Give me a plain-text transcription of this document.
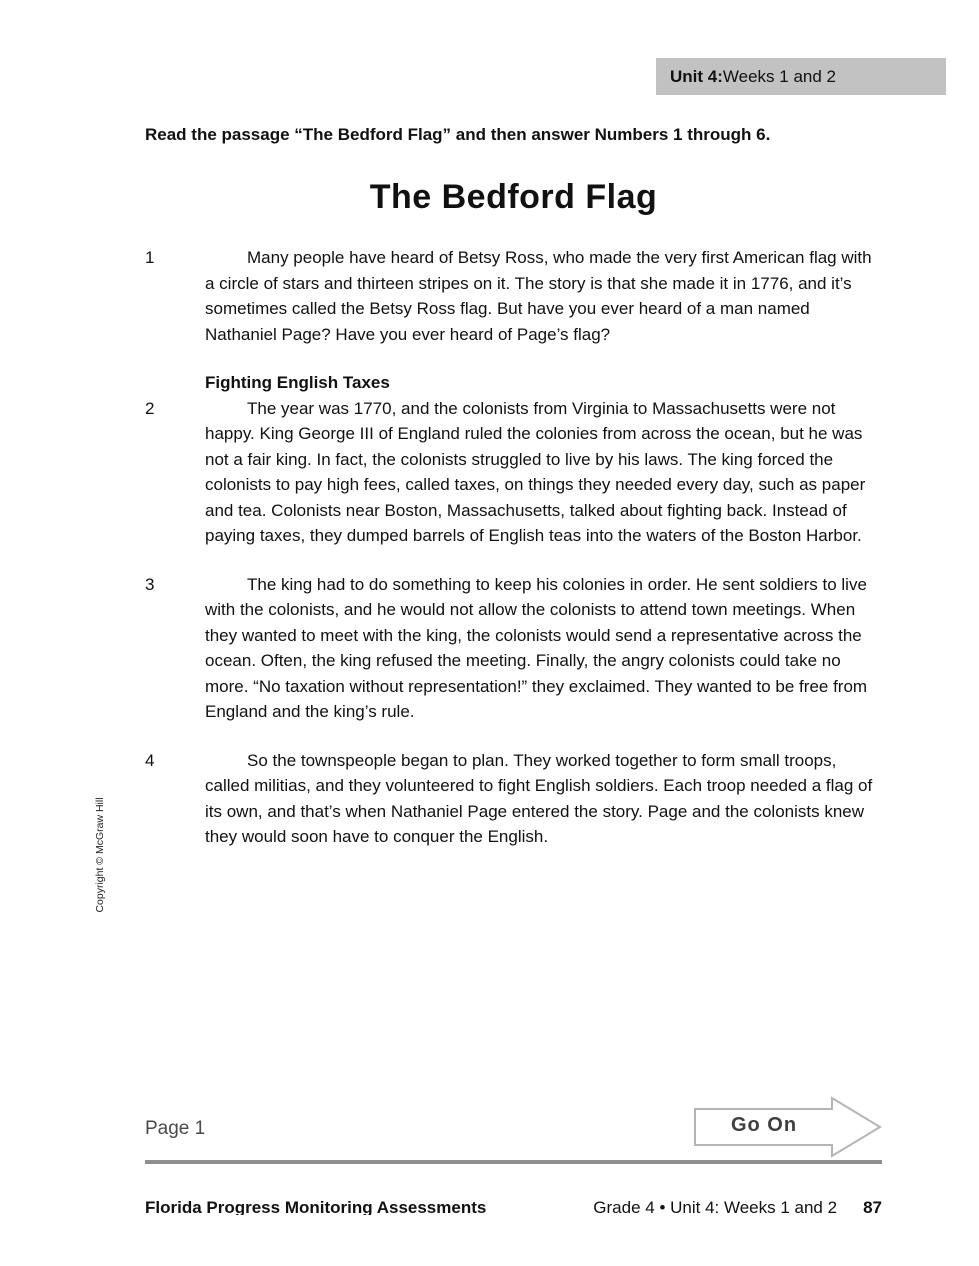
Unit 4: Weeks 1 and 2
Read the passage “The Bedford Flag” and then answer Numbers 1 through 6.
The Bedford Flag
1	Many people have heard of Betsy Ross, who made the very first American flag with a circle of stars and thirteen stripes on it. The story is that she made it in 1776, and it’s sometimes called the Betsy Ross flag. But have you ever heard of a man named Nathaniel Page? Have you ever heard of Page’s flag?
Fighting English Taxes
2	The year was 1770, and the colonists from Virginia to Massachusetts were not happy. King George III of England ruled the colonies from across the ocean, but he was not a fair king. In fact, the colonists struggled to live by his laws. The king forced the colonists to pay high fees, called taxes, on things they needed every day, such as paper and tea. Colonists near Boston, Massachusetts, talked about fighting back. Instead of paying taxes, they dumped barrels of English teas into the waters of the Boston Harbor.
3	The king had to do something to keep his colonies in order. He sent soldiers to live with the colonists, and he would not allow the colonists to attend town meetings. When they wanted to meet with the king, the colonists would send a representative across the ocean. Often, the king refused the meeting. Finally, the angry colonists could take no more. “No taxation without representation!” they exclaimed. They wanted to be free from England and the king’s rule.
4	So the townspeople began to plan. They worked together to form small troops, called militias, and they volunteered to fight English soldiers. Each troop needed a flag of its own, and that’s when Nathaniel Page entered the story. Page and the colonists knew they would soon have to conquer the English.
Copyright © McGraw Hill
Page 1	Go On
Florida Progress Monitoring Assessments	Grade 4 • Unit 4: Weeks 1 and 2 87
